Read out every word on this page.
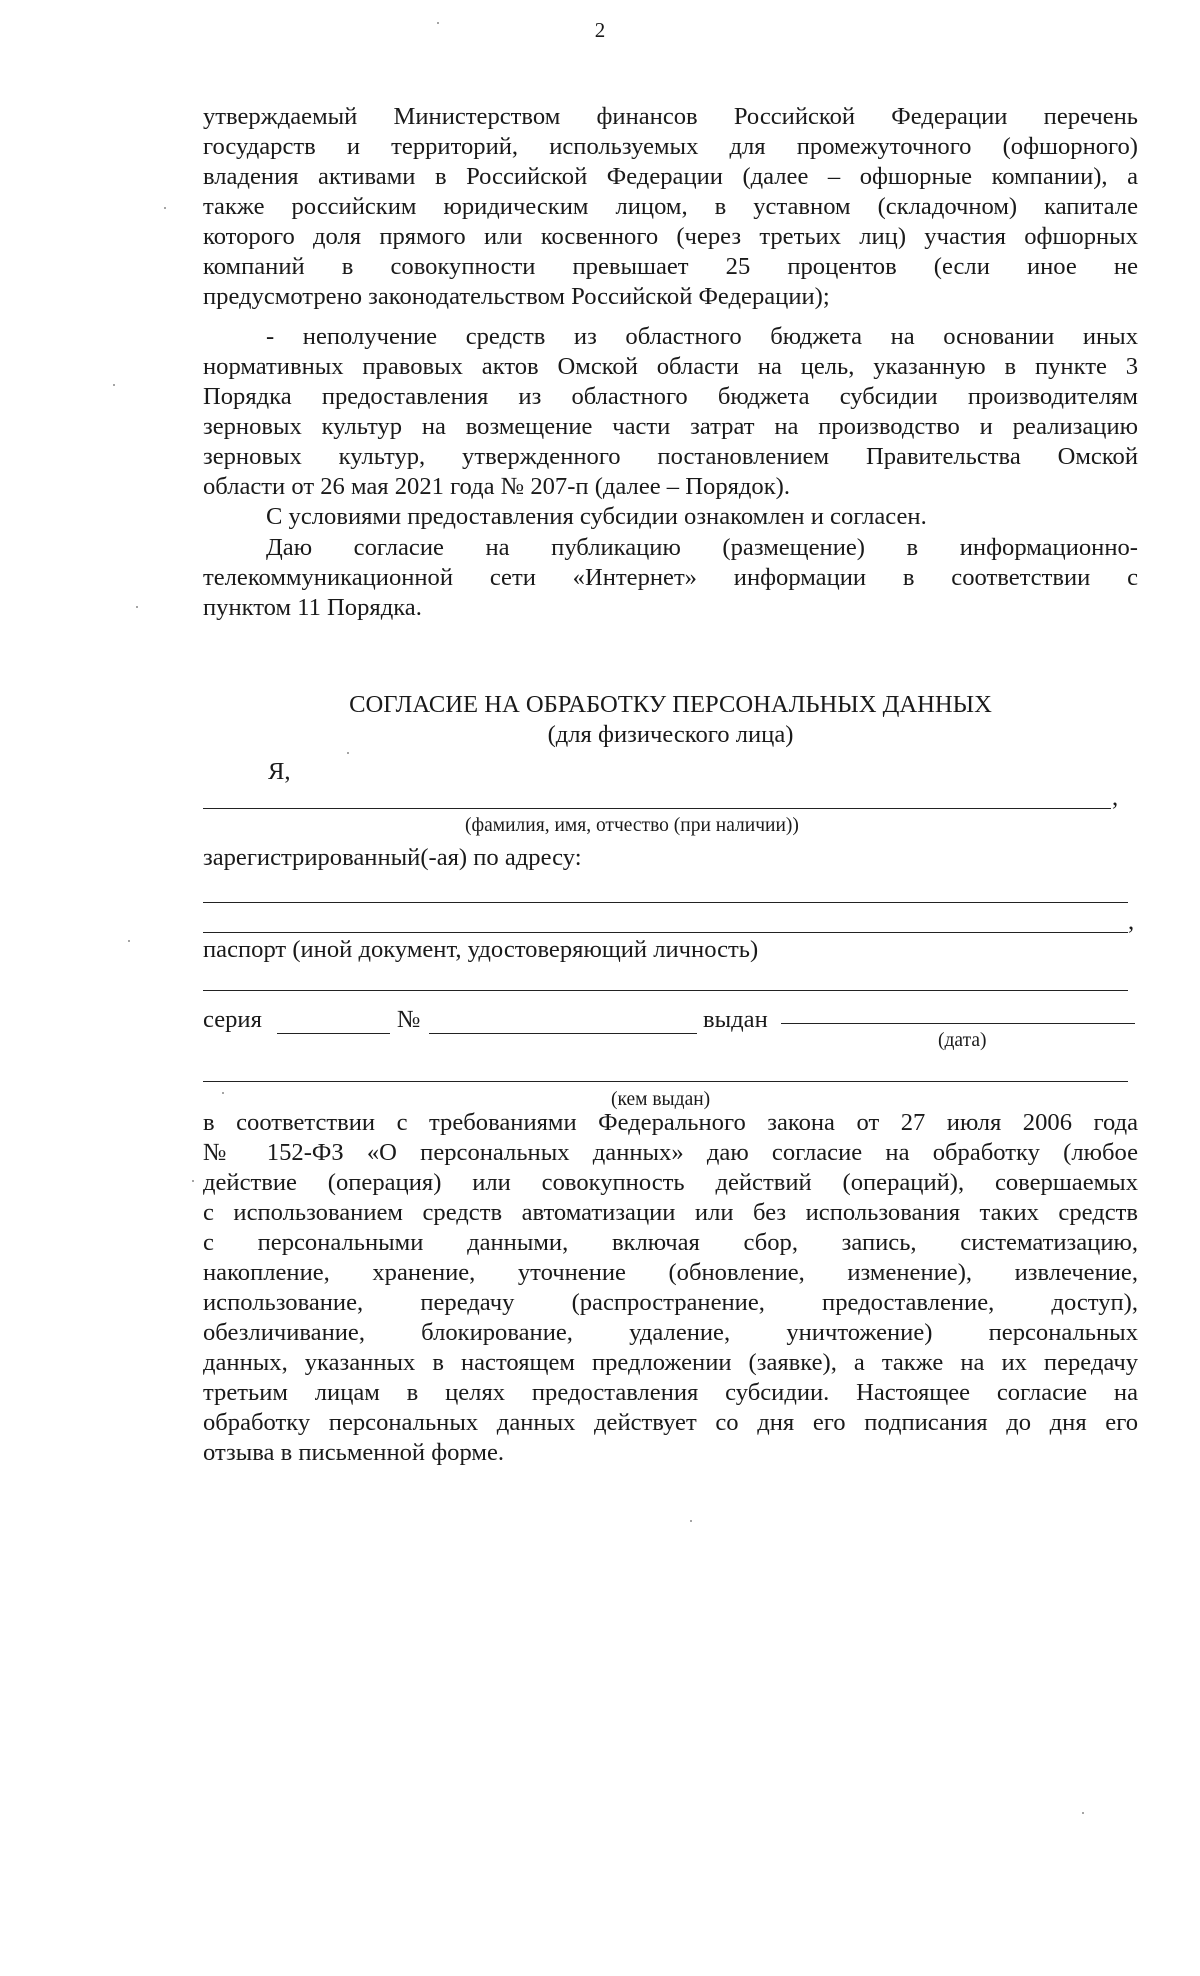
2

утверждаемый Министерством финансов Российской Федерации перечень

государств и территорий, используемых для промежуточного (офшорного)

владения активами в Российской Федерации (далее – офшорные компании), а

также российским юридическим лицом, в уставном (складочном) капитале

которого доля прямого или косвенного (через третьих лиц) участия офшорных

компаний в совокупности превышает 25 процентов (если иное не

предусмотрено законодательством Российской Федерации);

- неполучение средств из областного бюджета на основании иных

нормативных правовых актов Омской области на цель, указанную в пункте 3

Порядка предоставления из областного бюджета субсидии производителям

зерновых культур на возмещение части затрат на производство и реализацию

зерновых культур, утвержденного постановлением Правительства Омской

области от 26 мая 2021 года № 207-п (далее – Порядок).

С условиями предоставления субсидии ознакомлен и согласен.

Даю согласие на публикацию (размещение) в информационно-

телекоммуникационной сети «Интернет» информации в соответствии с

пунктом 11 Порядка.

СОГЛАСИЕ НА ОБРАБОТКУ ПЕРСОНАЛЬНЫХ ДАННЫХ
(для физического лица)
Я,
,
(фамилия, имя, отчество (при наличии))
зарегистрированный(-ая) по адресу:
,
паспорт (иной документ, удостоверяющий личность)
серия	№	выдан
(дата)
(кем выдан)

в соответствии с требованиями Федерального закона от 27 июля 2006 года

№ 152-ФЗ «О персональных данных» даю согласие на обработку (любое

действие (операция) или совокупность действий (операций), совершаемых

с использованием средств автоматизации или без использования таких средств

с персональными данными, включая сбор, запись, систематизацию,

накопление, хранение, уточнение (обновление, изменение), извлечение,

использование, передачу (распространение, предоставление, доступ),

обезличивание, блокирование, удаление, уничтожение) персональных

данных, указанных в настоящем предложении (заявке), а также на их передачу

третьим лицам в целях предоставления субсидии. Настоящее согласие на

обработку персональных данных действует со дня его подписания до дня его

отзыва в письменной форме.
